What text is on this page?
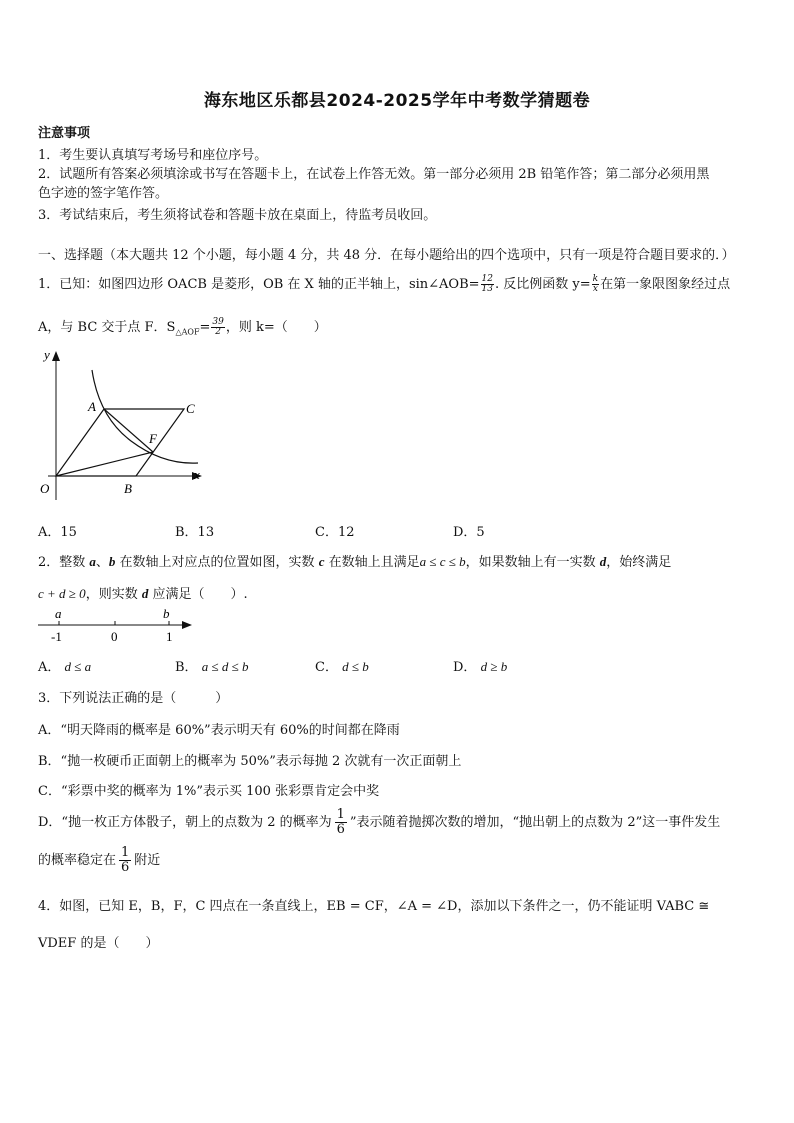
海东地区乐都县2024-2025学年中考数学猜题卷
注意事项
1．考生要认真填写考场号和座位序号。
2．试题所有答案必须填涂或书写在答题卡上，在试卷上作答无效。第一部分必须用 2B 铅笔作答；第二部分必须用黑
色字迹的签字笔作答。
3．考试结束后，考生须将试卷和答题卡放在桌面上，待监考员收回。
一、选择题（本大题共 12 个小题，每小题 4 分，共 48 分．在每小题给出的四个选项中，只有一项是符合题目要求的．）
1．已知：如图四边形 OACB 是菱形，OB 在 X 轴的正半轴上，sin∠AOB= $\frac{12}{13}$ . 反比例函数 $y= \frac{k}{x}$ 在第一象限图象经过点
A，与 BC 交于点 F．$S_{\triangle AOF}= \frac{39}{2}$ ，则 k=（　　）
y
A	C
F
O	B
x
A．15	B．13	C．12	D．5
2．整数 a、b 在数轴上对应点的位置如图，实数 c 在数轴上且满足a ≤ c ≤ b，如果数轴上有一实数 d，始终满足
c + d ≥ 0，则实数 d 应满足（　　）.
a	b
-1	0	1
A． d ≤ a	B． a ≤ d ≤ b	C． d ≤ b	D． d ≥ b
3．下列说法正确的是（　　　）
A．“明天降雨的概率是 60%”表示明天有 60%的时间都在降雨
B．“抛一枚硬币正面朝上的概率为 50%”表示每抛 2 次就有一次正面朝上
C．“彩票中奖的概率为 1%”表示买 100 张彩票肯定会中奖
D．“抛一枚正方体骰子，朝上的点数为 2 的概率为 $\frac{1}{6}$ ”表示随着抛掷次数的增加，“抛出朝上的点数为 2”这一事件发生
的概率稳定在 $\frac{1}{6}$ 附近
4．如图，已知 E，B，F，C 四点在一条直线上，EB = CF，∠A = ∠D，添加以下条件之一，仍不能证明 VABC ≅
VDEF 的是（　　）
